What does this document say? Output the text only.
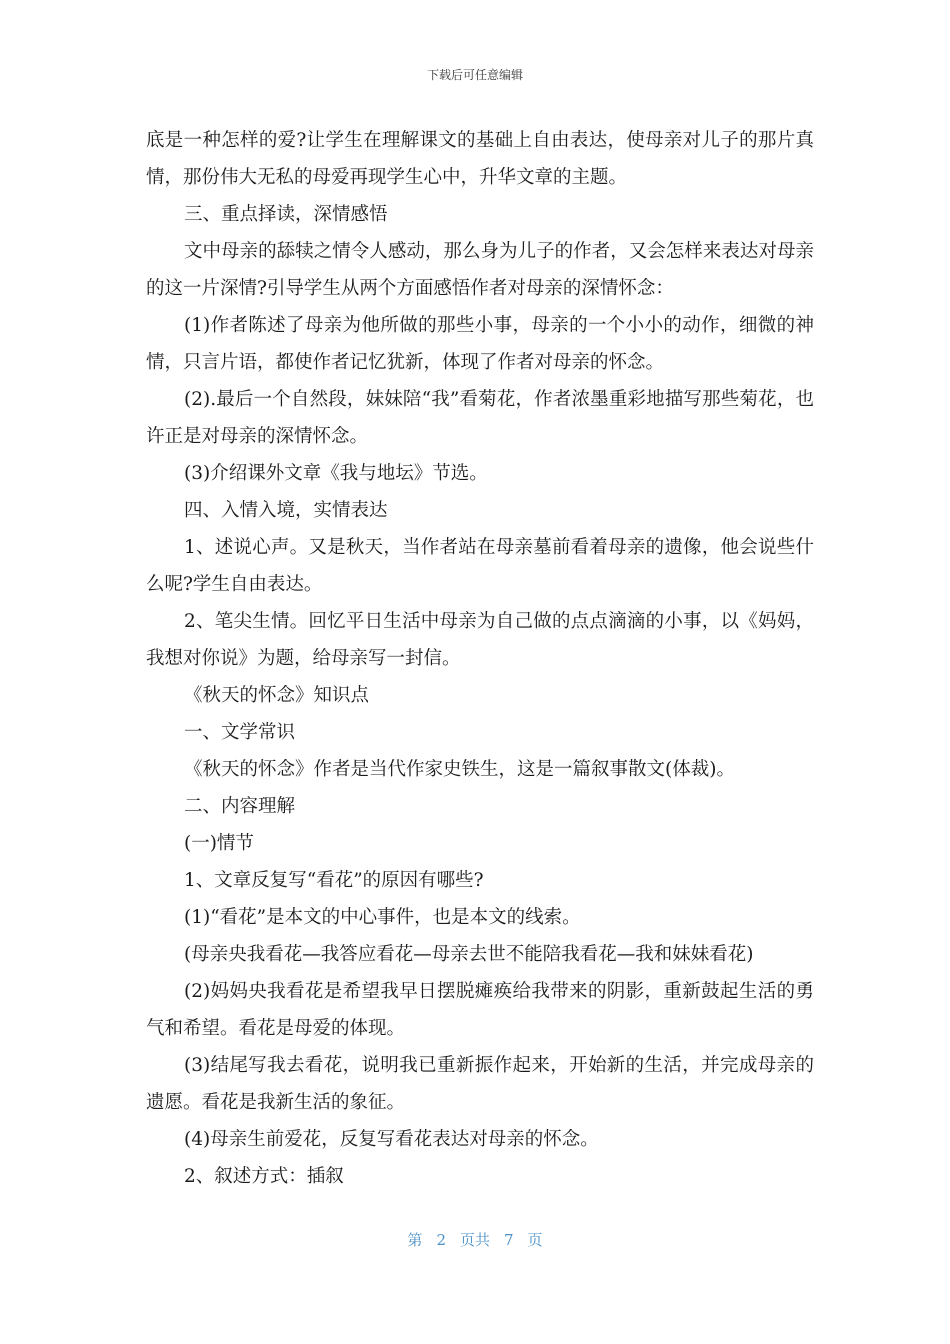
下载后可任意编辑

底是一种怎样的爱?让学生在理解课文的基础上自由表达，使母亲对儿子的那片真情，那份伟大无私的母爱再现学生心中，升华文章的主题。

三、重点择读，深情感悟

文中母亲的舔犊之情令人感动，那么身为儿子的作者，又会怎样来表达对母亲的这一片深情?引导学生从两个方面感悟作者对母亲的深情怀念：

(1)作者陈述了母亲为他所做的那些小事，母亲的一个小小的动作，细微的神情，只言片语，都使作者记忆犹新，体现了作者对母亲的怀念。

(2).最后一个自然段，妹妹陪“我”看菊花，作者浓墨重彩地描写那些菊花，也许正是对母亲的深情怀念。

(3)介绍课外文章《我与地坛》节选。

四、入情入境，实情表达

1、述说心声。又是秋天，当作者站在母亲墓前看着母亲的遗像，他会说些什么呢?学生自由表达。

2、笔尖生情。回忆平日生活中母亲为自己做的点点滴滴的小事，以《妈妈，我想对你说》为题，给母亲写一封信。

《秋天的怀念》知识点

一、文学常识

《秋天的怀念》作者是当代作家史铁生，这是一篇叙事散文(体裁)。

二、内容理解

(一)情节

1、文章反复写“看花”的原因有哪些?

(1)“看花”是本文的中心事件，也是本文的线索。

(母亲央我看花—我答应看花—母亲去世不能陪我看花—我和妹妹看花)

(2)妈妈央我看花是希望我早日摆脱瘫痪给我带来的阴影，重新鼓起生活的勇气和希望。看花是母爱的体现。

(3)结尾写我去看花，说明我已重新振作起来，开始新的生活，并完成母亲的遗愿。看花是我新生活的象征。

(4)母亲生前爱花，反复写看花表达对母亲的怀念。

2、叙述方式：插叙

第 2 页共 7 页
